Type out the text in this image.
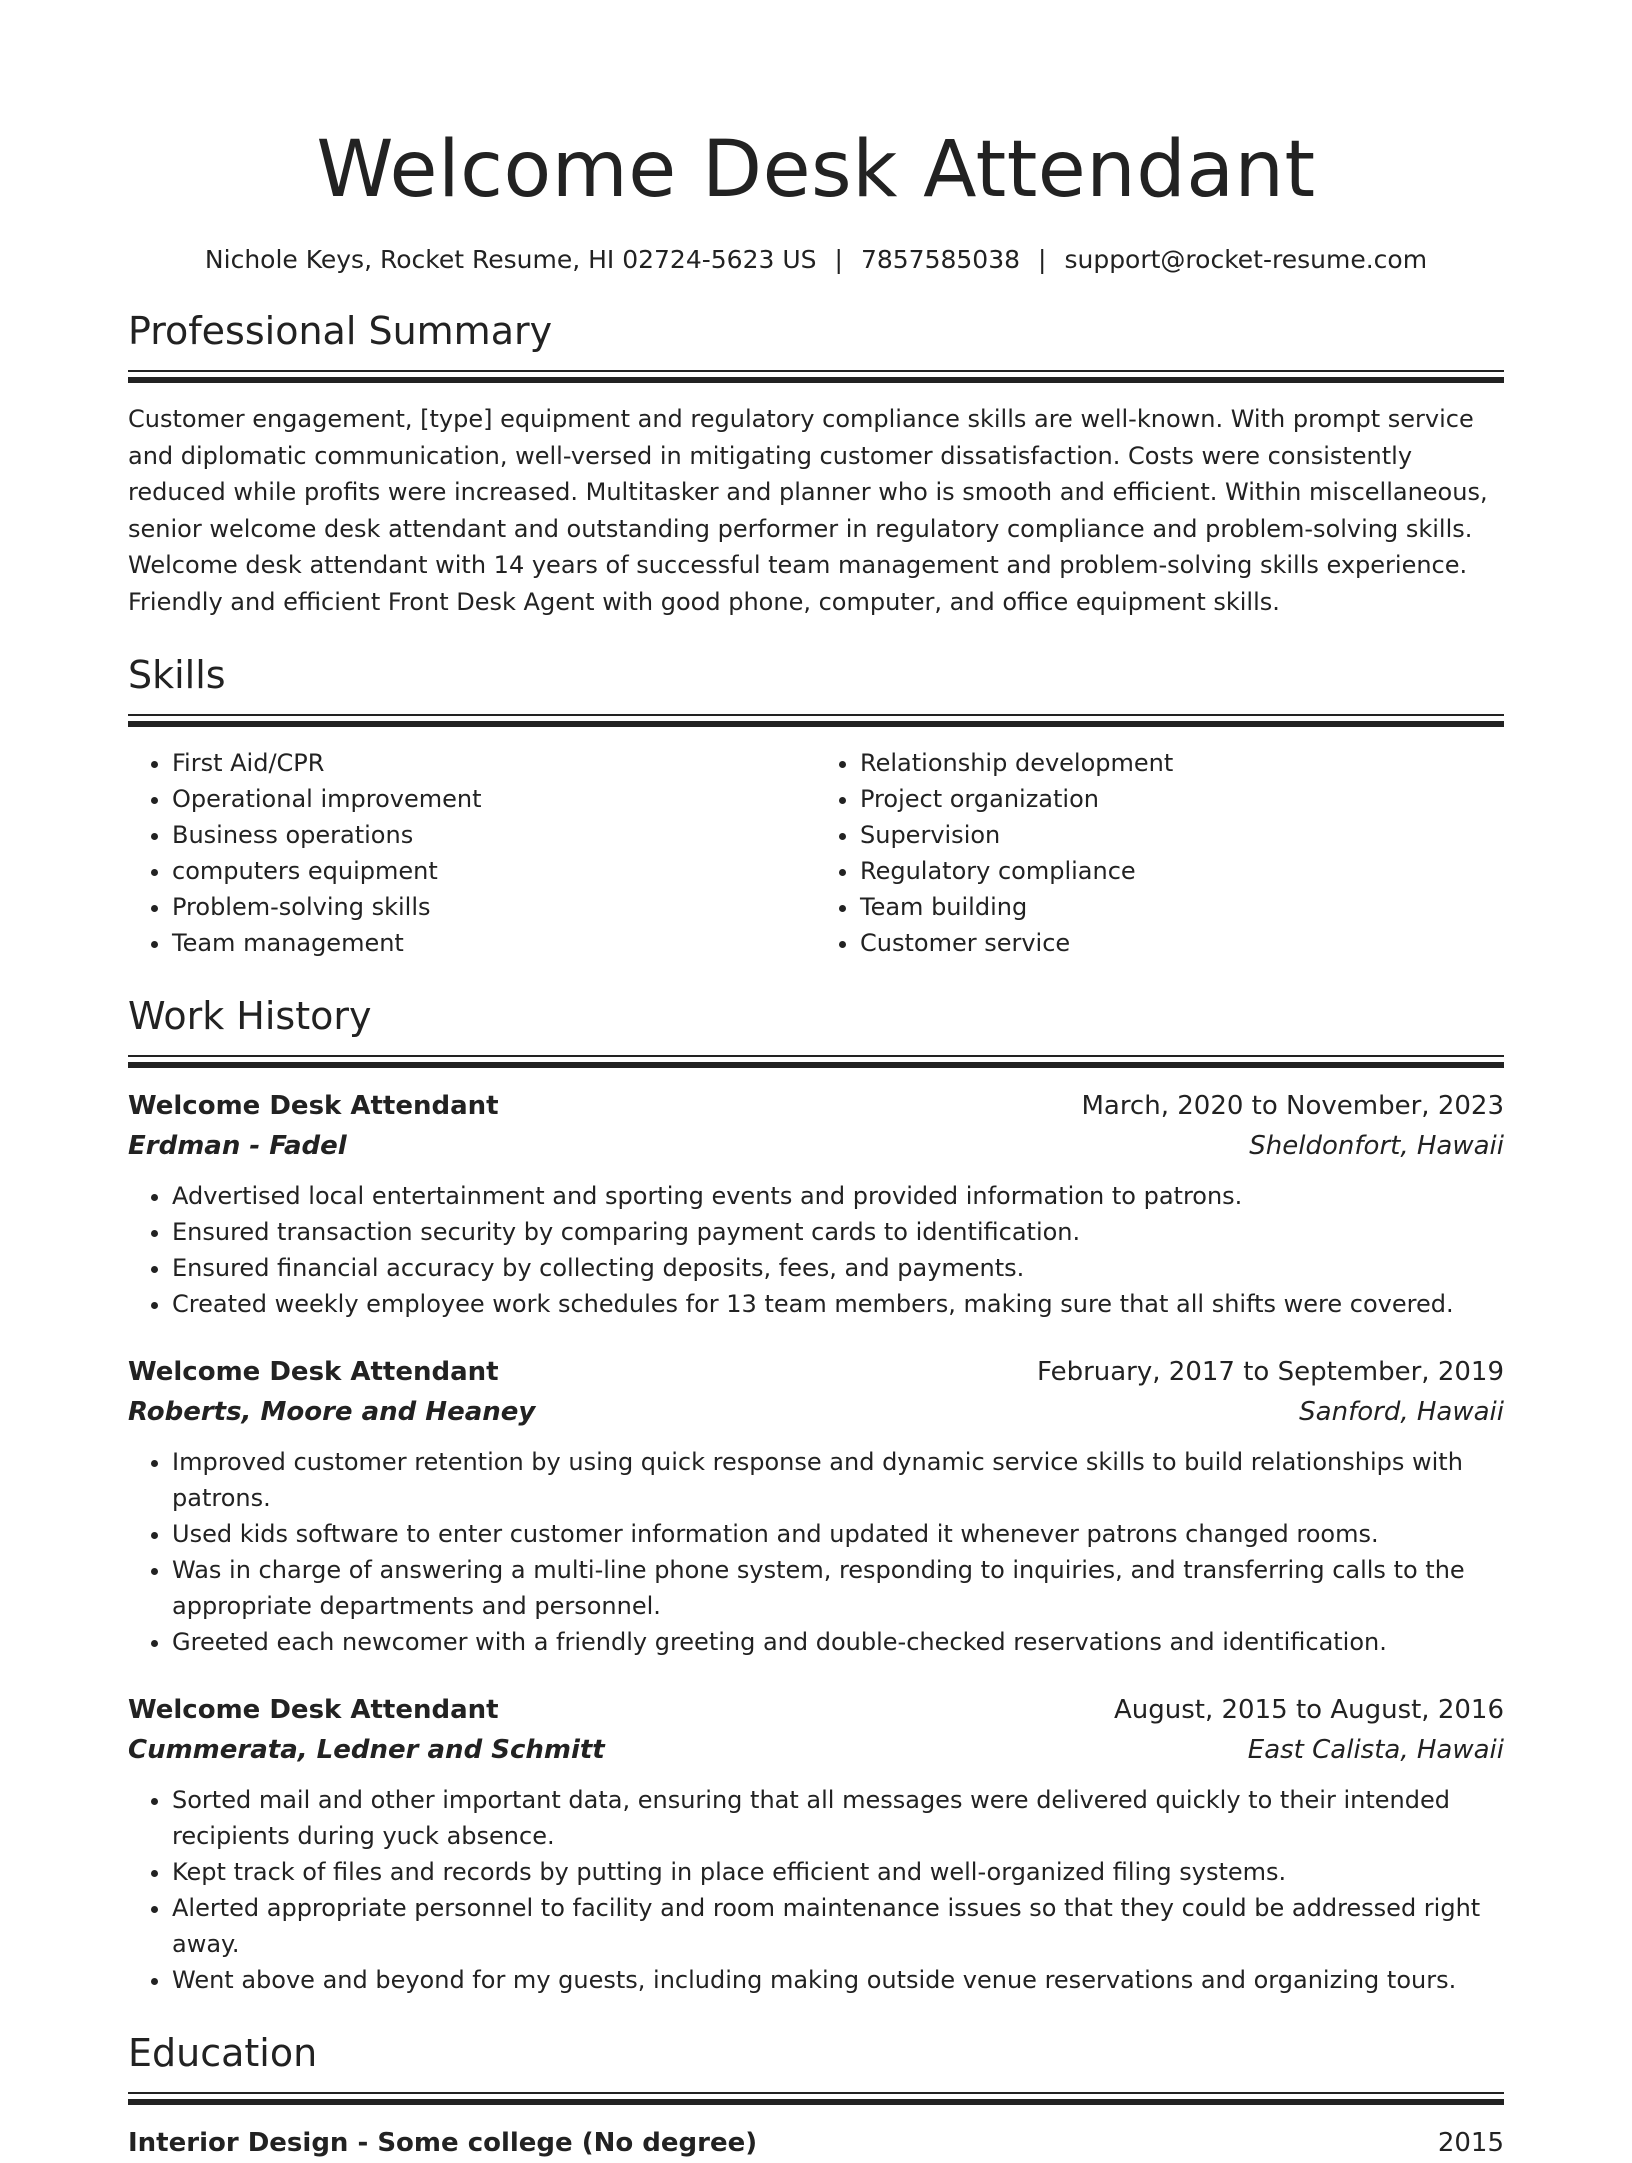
Welcome Desk Attendant
Nichole Keys, Rocket Resume, HI 02724-5623 US | 7857585038 | support@rocket-resume.com
Professional Summary
Customer engagement, [type] equipment and regulatory compliance skills are well-known. With prompt service and diplomatic communication, well-versed in mitigating customer dissatisfaction. Costs were consistently reduced while profits were increased. Multitasker and planner who is smooth and efficient. Within miscellaneous, senior welcome desk attendant and outstanding performer in regulatory compliance and problem-solving skills. Welcome desk attendant with 14 years of successful team management and problem-solving skills experience. Friendly and efficient Front Desk Agent with good phone, computer, and office equipment skills.
Skills
• First Aid/CPR
• Operational improvement
• Business operations
• computers equipment
• Problem-solving skills
• Team management
• Relationship development
• Project organization
• Supervision
• Regulatory compliance
• Team building
• Customer service
Work History
Welcome Desk Attendant	March, 2020 to November, 2023
Erdman - Fadel	Sheldonfort, Hawaii
• Advertised local entertainment and sporting events and provided information to patrons.
• Ensured transaction security by comparing payment cards to identification.
• Ensured financial accuracy by collecting deposits, fees, and payments.
• Created weekly employee work schedules for 13 team members, making sure that all shifts were covered.
Welcome Desk Attendant	February, 2017 to September, 2019
Roberts, Moore and Heaney	Sanford, Hawaii
• Improved customer retention by using quick response and dynamic service skills to build relationships with patrons.
• Used kids software to enter customer information and updated it whenever patrons changed rooms.
• Was in charge of answering a multi-line phone system, responding to inquiries, and transferring calls to the appropriate departments and personnel.
• Greeted each newcomer with a friendly greeting and double-checked reservations and identification.
Welcome Desk Attendant	August, 2015 to August, 2016
Cummerata, Ledner and Schmitt	East Calista, Hawaii
• Sorted mail and other important data, ensuring that all messages were delivered quickly to their intended recipients during yuck absence.
• Kept track of files and records by putting in place efficient and well-organized filing systems.
• Alerted appropriate personnel to facility and room maintenance issues so that they could be addressed right away.
• Went above and beyond for my guests, including making outside venue reservations and organizing tours.
Education
Interior Design - Some college (No degree)	2015
